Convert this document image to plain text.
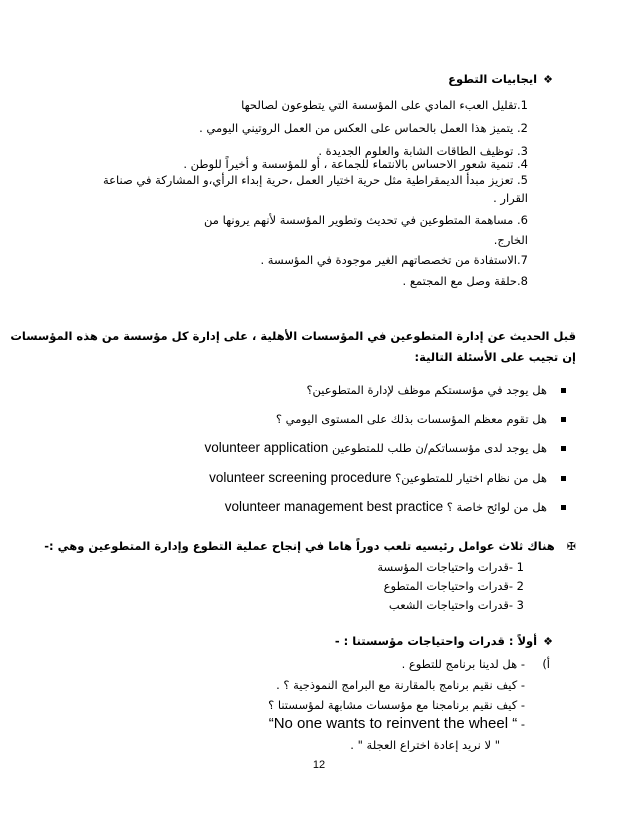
❖ايجابيات التطوع
1.تقليل العبء المادي على المؤسسة التي يتطوعون لصالحها
2. يتميز هذا العمل بالحماس على العكس من العمل الروتيني اليومي .
3. توظيف الطاقات الشابة والعلوم الجديدة .
4. تنمية شعور الاحساس بالانتماء للجماعة ، أو للمؤسسة و أخيراً للوطن .
5. تعزيز مبدأ الديمقراطية مثل حرية اختيار العمل ،حرية إبداء الرأي،و المشاركة في صناعة
القرار .
6. مساهمة المتطوعين في تحديث وتطوير المؤسسة لأنهم يرونها من
الخارج.
7.الاستفادة من تخصصاتهم الغير موجودة في المؤسسة .
8.حلقة وصل مع المجتمع .
قبل الحديث عن إدارة المتطوعين في المؤسسات الأهلية ، على إدارة كل مؤسسة من هذه المؤسسات
إن تجيب على الأسئلة التالية:
هل يوجد في مؤسستكم موظف لإدارة المتطوعين؟
هل تقوم معظم المؤسسات بذلك على المستوى اليومي ؟
هل يوجد لدى مؤسساتكم/ن طلب للمتطوعين volunteer application
هل من نظام اختيار للمتطوعين؟ volunteer screening procedure
هل من لوائح خاصة ؟ volunteer management best practice
✠هناك ثلاث عوامل رئيسيه تلعب دوراً هاما في إنجاح عملية التطوع وإدارة المتطوعين وهي :-
1 -قدرات واحتياجات المؤسسة
2 -قدرات واحتياجات المتطوع
3 -قدرات واحتياجات الشعب
❖أولاً : قدرات واحتياجات مؤسستنا : -
أ)
- هل لدينا برنامج للتطوع .
- كيف نقيم برنامج بالمقارنة مع البرامج النموذجية ؟ .
- كيف نقيم برنامجنا مع مؤسسات مشابهة لمؤسستنا ؟
- “No one wants to reinvent the wheel “
" لا نريد إعادة اختراع العجلة " .
12
